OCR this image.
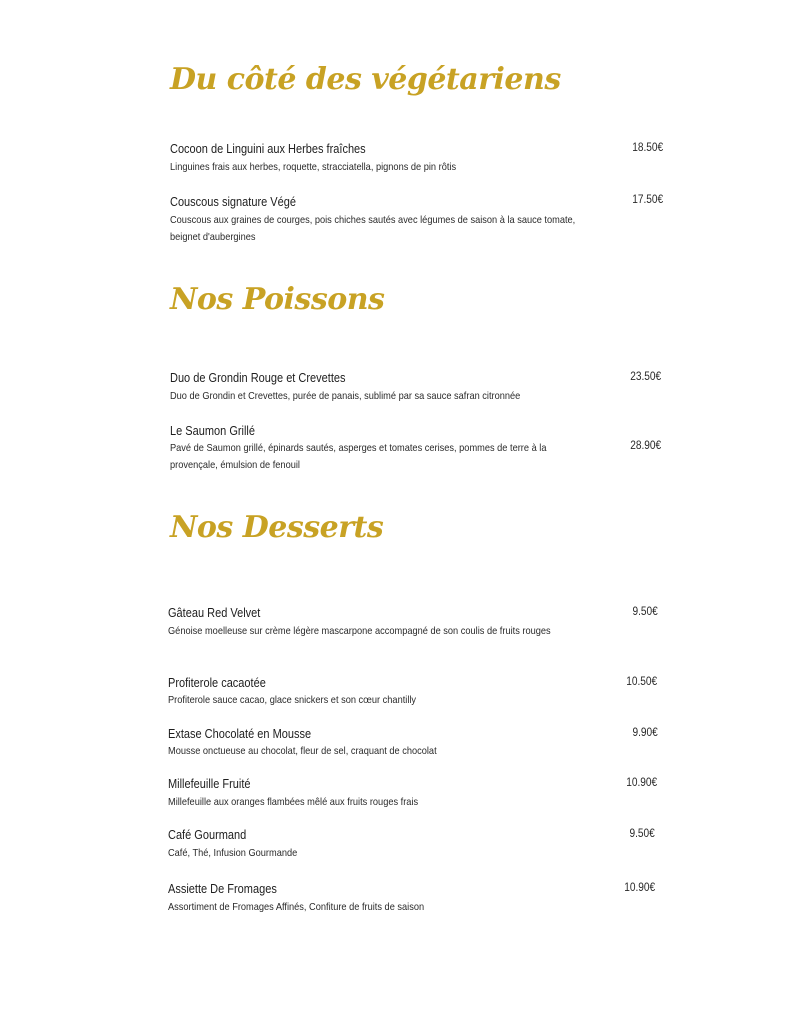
Du côté des végétariens
Cocoon de Linguini aux Herbes fraîches
Linguines frais aux herbes, roquette, stracciatella, pignons de pin rôtis
18.50€
Couscous signature Végé
Couscous aux graines de courges, pois chiches sautés avec légumes de saison à la sauce tomate, beignet d'aubergines
17.50€
Nos Poissons
Duo de Grondin Rouge et Crevettes
Duo de Grondin et Crevettes, purée de panais, sublimé par sa sauce safran citronnée
23.50€
Le Saumon Grillé
Pavé de Saumon grillé, épinards sautés, asperges et tomates cerises, pommes de terre à la provençale, émulsion de fenouil
28.90€
Nos Desserts
Gâteau Red Velvet
Génoise moelleuse sur crème légère mascarpone accompagné de son coulis de fruits rouges
9.50€
Profiterole cacaotée
Profiterole sauce cacao, glace snickers et son cœur chantilly
10.50€
Extase Chocolaté en Mousse
Mousse onctueuse au chocolat, fleur de sel, craquant de chocolat
9.90€
Millefeuille Fruité
Millefeuille aux oranges flambées mêlé aux fruits rouges frais
10.90€
Café Gourmand
Café, Thé, Infusion Gourmande
9.50€
Assiette De Fromages
Assortiment de Fromages Affinés, Confiture de fruits de saison
10.90€
